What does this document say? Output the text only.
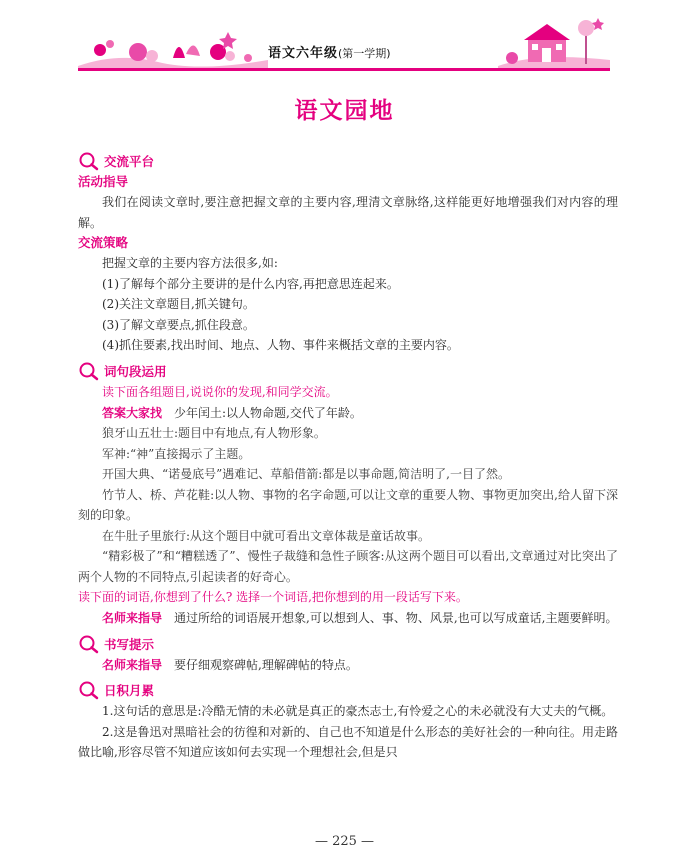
语文六年级(第一学期)
语文园地
交流平台
活动指导

我们在阅读文章时,要注意把握文章的主要内容,理清文章脉络,这样能更好地增强我们对内容的理解。

交流策略

把握文章的主要内容方法很多,如:

(1)了解每个部分主要讲的是什么内容,再把意思连起来。

(2)关注文章题目,抓关键句。

(3)了解文章要点,抓住段意。

(4)抓住要素,找出时间、地点、人物、事件来概括文章的主要内容。

词句段运用
读下面各组题目,说说你的发现,和同学交流。

答案大家找 少年闰土:以人物命题,交代了年龄。

狼牙山五壮士:题目中有地点,有人物形象。

军神:“神”直接揭示了主题。

开国大典、“诺曼底号”遇难记、草船借箭:都是以事命题,简洁明了,一目了然。

竹节人、桥、芦花鞋:以人物、事物的名字命题,可以让文章的重要人物、事物更加突出,给人留下深刻的印象。

在牛肚子里旅行:从这个题目中就可看出文章体裁是童话故事。

“精彩极了”和“糟糕透了”、慢性子裁缝和急性子顾客:从这两个题目可以看出,文章通过对比突出了两个人物的不同特点,引起读者的好奇心。

读下面的词语,你想到了什么? 选择一个词语,把你想到的用一段话写下来。

名师来指导 通过所给的词语展开想象,可以想到人、事、物、风景,也可以写成童话,主题要鲜明。

书写提示

名师来指导 要仔细观察碑帖,理解碑帖的特点。

日积月累

1.这句话的意思是:冷酷无情的未必就是真正的豪杰志士,有怜爱之心的未必就没有大丈夫的气概。

2.这是鲁迅对黑暗社会的彷徨和对新的、自己也不知道是什么形态的美好社会的一种向往。用走路做比喻,形容尽管不知道应该如何去实现一个理想社会,但是只

— 225 —
